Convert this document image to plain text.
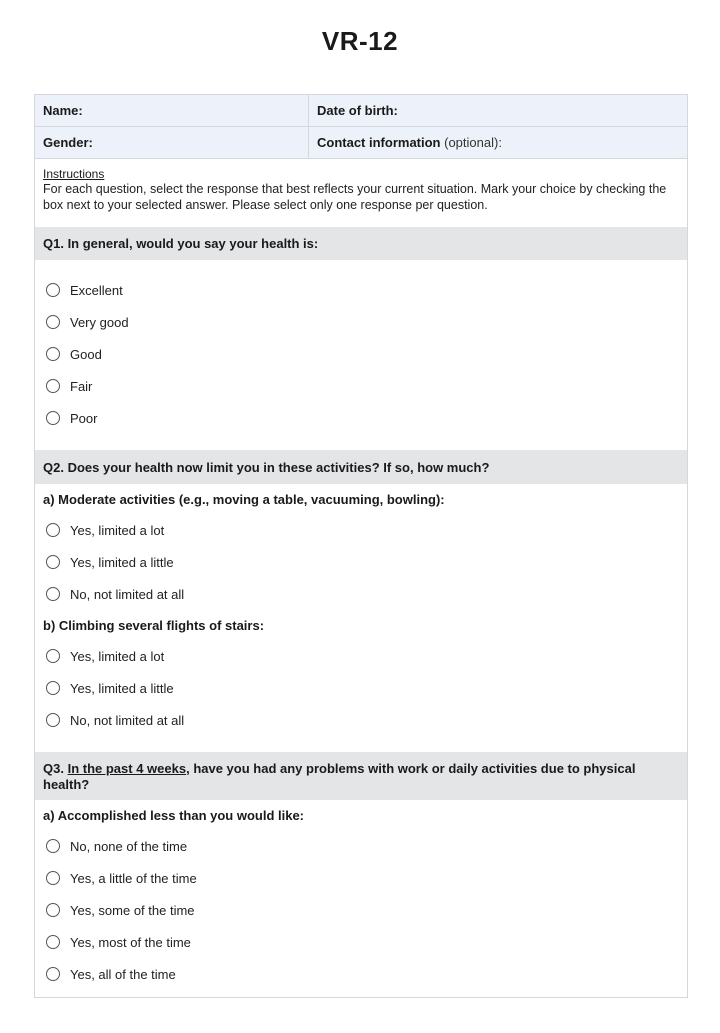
VR-12
Name:	Date of birth:
Gender:	Contact information (optional):
Instructions
For each question, select the response that best reflects your current situation. Mark your choice by checking the box next to your selected answer. Please select only one response per question.
Q1. In general, would you say your health is:
Excellent
Very good
Good
Fair
Poor
Q2. Does your health now limit you in these activities? If so, how much?
a) Moderate activities (e.g., moving a table, vacuuming, bowling):
Yes, limited a lot
Yes, limited a little
No, not limited at all
b) Climbing several flights of stairs:
Yes, limited a lot
Yes, limited a little
No, not limited at all
Q3. In the past 4 weeks, have you had any problems with work or daily activities due to physical health?
a) Accomplished less than you would like:
No, none of the time
Yes, a little of the time
Yes, some of the time
Yes, most of the time
Yes, all of the time
